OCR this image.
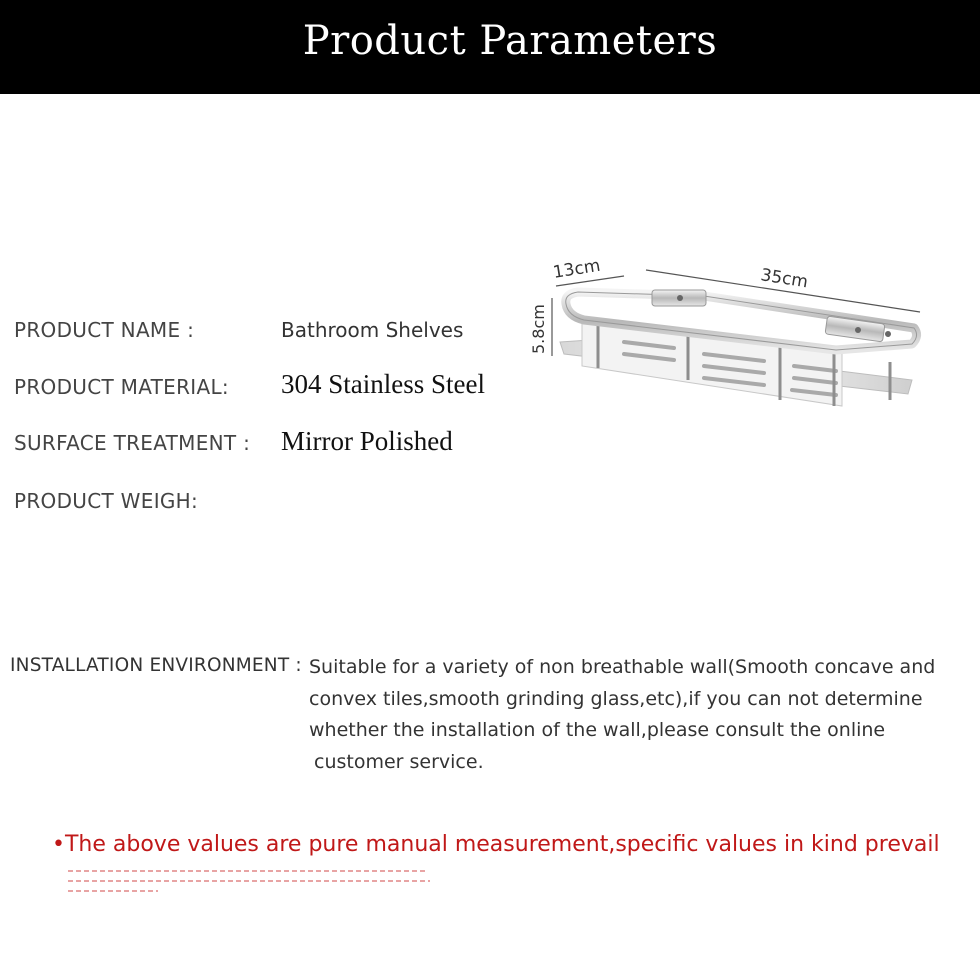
Product Parameters
PRODUCT NAME :	Bathroom Shelves
PRODUCT MATERIAL: 304 Stainless Steel
SURFACE TREATMENT : Mirror Polished
PRODUCT WEIGH:
13cm	35cm
5.8cm
INSTALLATION ENVIRONMENT : Suitable for a variety of non breathable wall(Smooth concave and
convex tiles,smooth grinding glass,etc),if you can not determine
whether the installation of the wall,please consult the online
customer service.
•The above values are pure manual measurement,specific values in kind prevail
